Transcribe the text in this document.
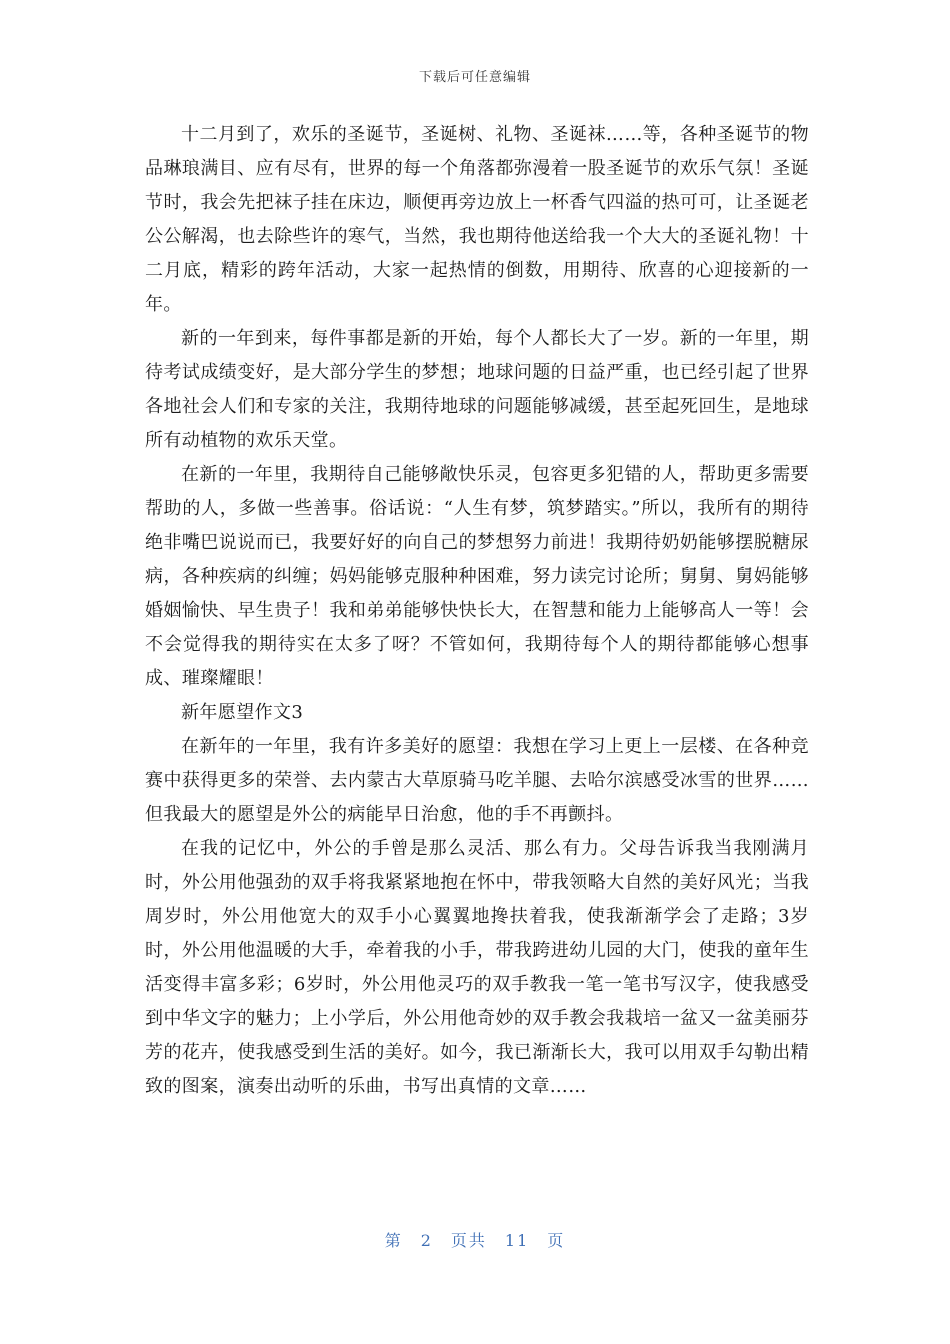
下载后可任意编辑

十二月到了，欢乐的圣诞节，圣诞树、礼物、圣诞袜……等，各种圣诞节的物品琳琅满目、应有尽有，世界的每一个角落都弥漫着一股圣诞节的欢乐气氛！圣诞节时，我会先把袜子挂在床边，顺便再旁边放上一杯香气四溢的热可可，让圣诞老公公解渴，也去除些许的寒气，当然，我也期待他送给我一个大大的圣诞礼物！十二月底，精彩的跨年活动，大家一起热情的倒数，用期待、欣喜的心迎接新的一年。

新的一年到来，每件事都是新的开始，每个人都长大了一岁。新的一年里，期待考试成绩变好，是大部分学生的梦想；地球问题的日益严重，也已经引起了世界各地社会人们和专家的关注，我期待地球的问题能够减缓，甚至起死回生，是地球所有动植物的欢乐天堂。

在新的一年里，我期待自己能够敞快乐灵，包容更多犯错的人，帮助更多需要帮助的人，多做一些善事。俗话说：“人生有梦，筑梦踏实。”所以，我所有的期待绝非嘴巴说说而已，我要好好的向自己的梦想努力前进！我期待奶奶能够摆脱糖尿病，各种疾病的纠缠；妈妈能够克服种种困难，努力读完讨论所；舅舅、舅妈能够婚姻愉快、早生贵子！我和弟弟能够快快长大，在智慧和能力上能够高人一等！会不会觉得我的期待实在太多了呀？不管如何，我期待每个人的期待都能够心想事成、璀璨耀眼！

新年愿望作文3

在新年的一年里，我有许多美好的愿望：我想在学习上更上一层楼、在各种竞赛中获得更多的荣誉、去内蒙古大草原骑马吃羊腿、去哈尔滨感受冰雪的世界……但我最大的愿望是外公的病能早日治愈，他的手不再颤抖。

在我的记忆中，外公的手曾是那么灵活、那么有力。父母告诉我当我刚满月时，外公用他强劲的双手将我紧紧地抱在怀中，带我领略大自然的美好风光；当我周岁时，外公用他宽大的双手小心翼翼地搀扶着我，使我渐渐学会了走路；3岁时，外公用他温暖的大手，牵着我的小手，带我跨进幼儿园的大门，使我的童年生活变得丰富多彩；6岁时，外公用他灵巧的双手教我一笔一笔书写汉字，使我感受到中华文字的魅力；上小学后，外公用他奇妙的双手教会我栽培一盆又一盆美丽芬芳的花卉，使我感受到生活的美好。如今，我已渐渐长大，我可以用双手勾勒出精致的图案，演奏出动听的乐曲，书写出真情的文章……

第 2 页共 11 页
